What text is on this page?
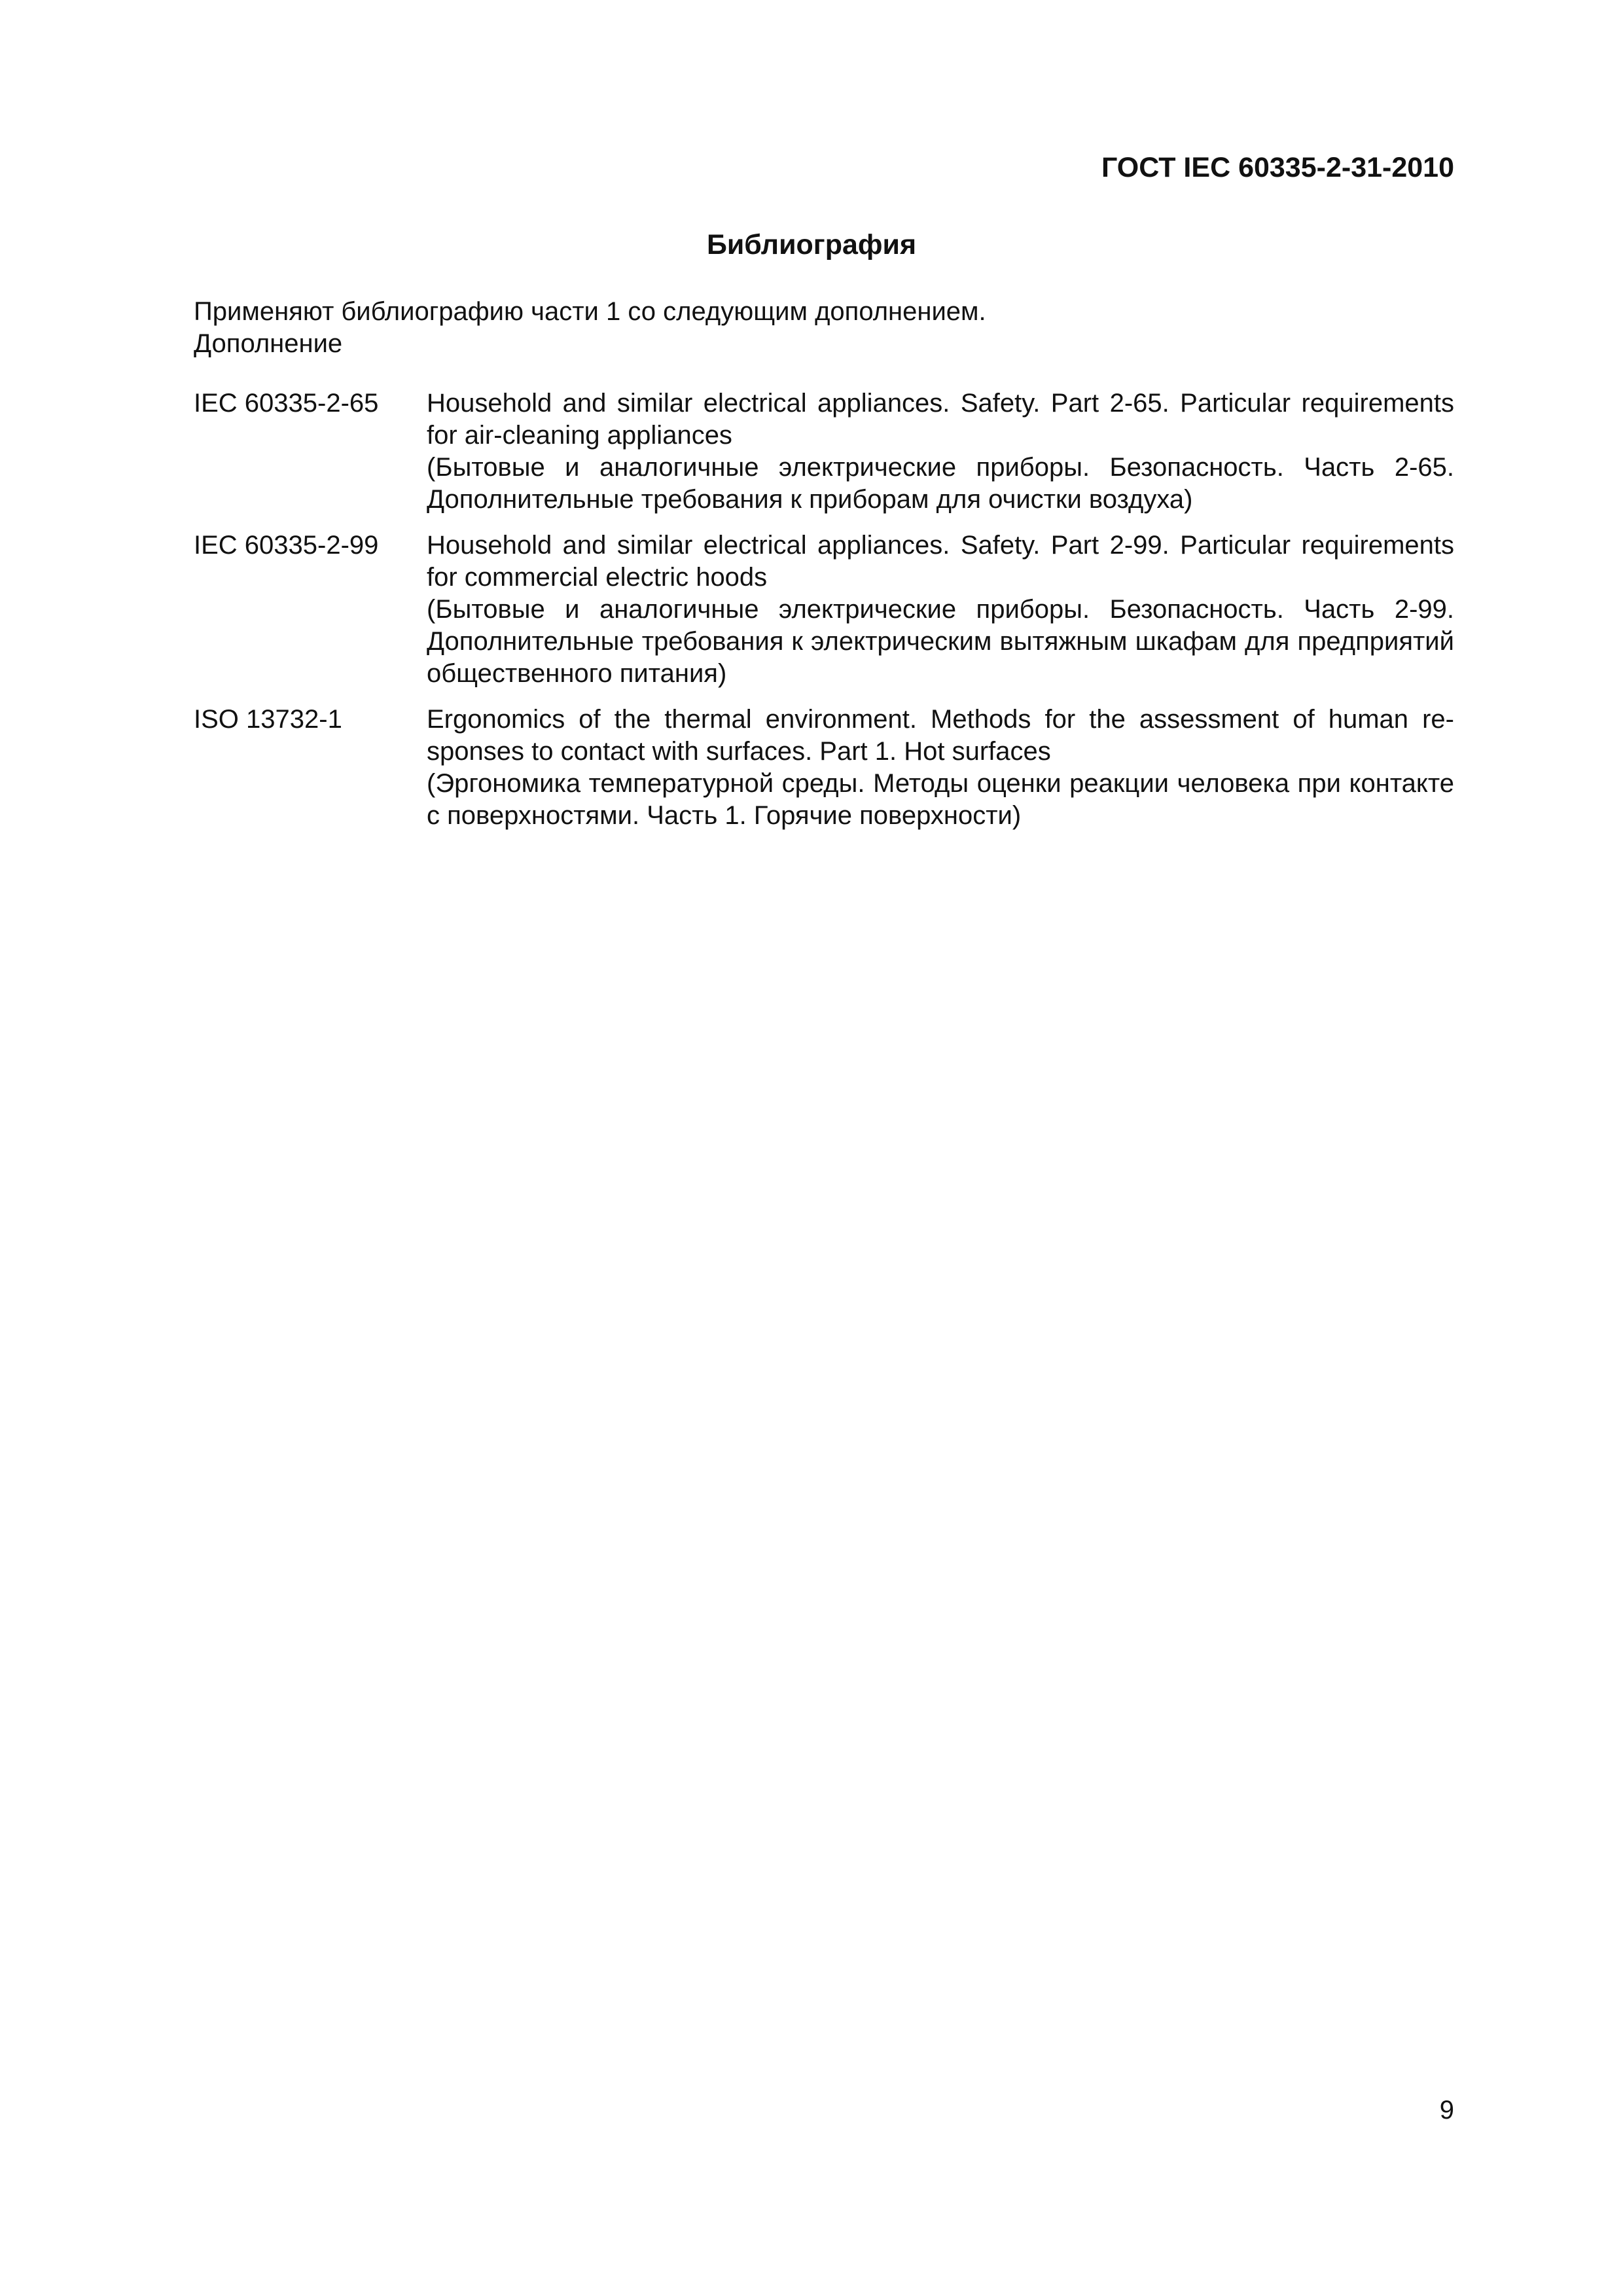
ГОСТ IEC 60335-2-31-2010
Библиография
Применяют библиографию части 1 со следующим дополнением.
Дополнение
IEC 60335-2-65	Household and similar electrical appliances. Safety. Part 2-65. Particular requirements for air-cleaning appliances

(Бытовые и аналогичные электрические приборы. Безопасность. Часть 2-65. Дополнительные требования к приборам для очистки воздуха)

IEC 60335-2-99	Household and similar electrical appliances. Safety. Part 2-99. Particular requirements for commercial electric hoods

(Бытовые и аналогичные электрические приборы. Безопасность. Часть 2-99. Дополнительные требования к электрическим вытяжным шкафам для предприятий общественного питания)

ISO 13732-1	Ergonomics of the thermal environment. Methods for the assessment of human responses to contact with surfaces. Part 1. Hot surfaces

(Эргономика температурной среды. Методы оценки реакции человека при контакте с поверхностями. Часть 1. Горячие поверхности)

9
